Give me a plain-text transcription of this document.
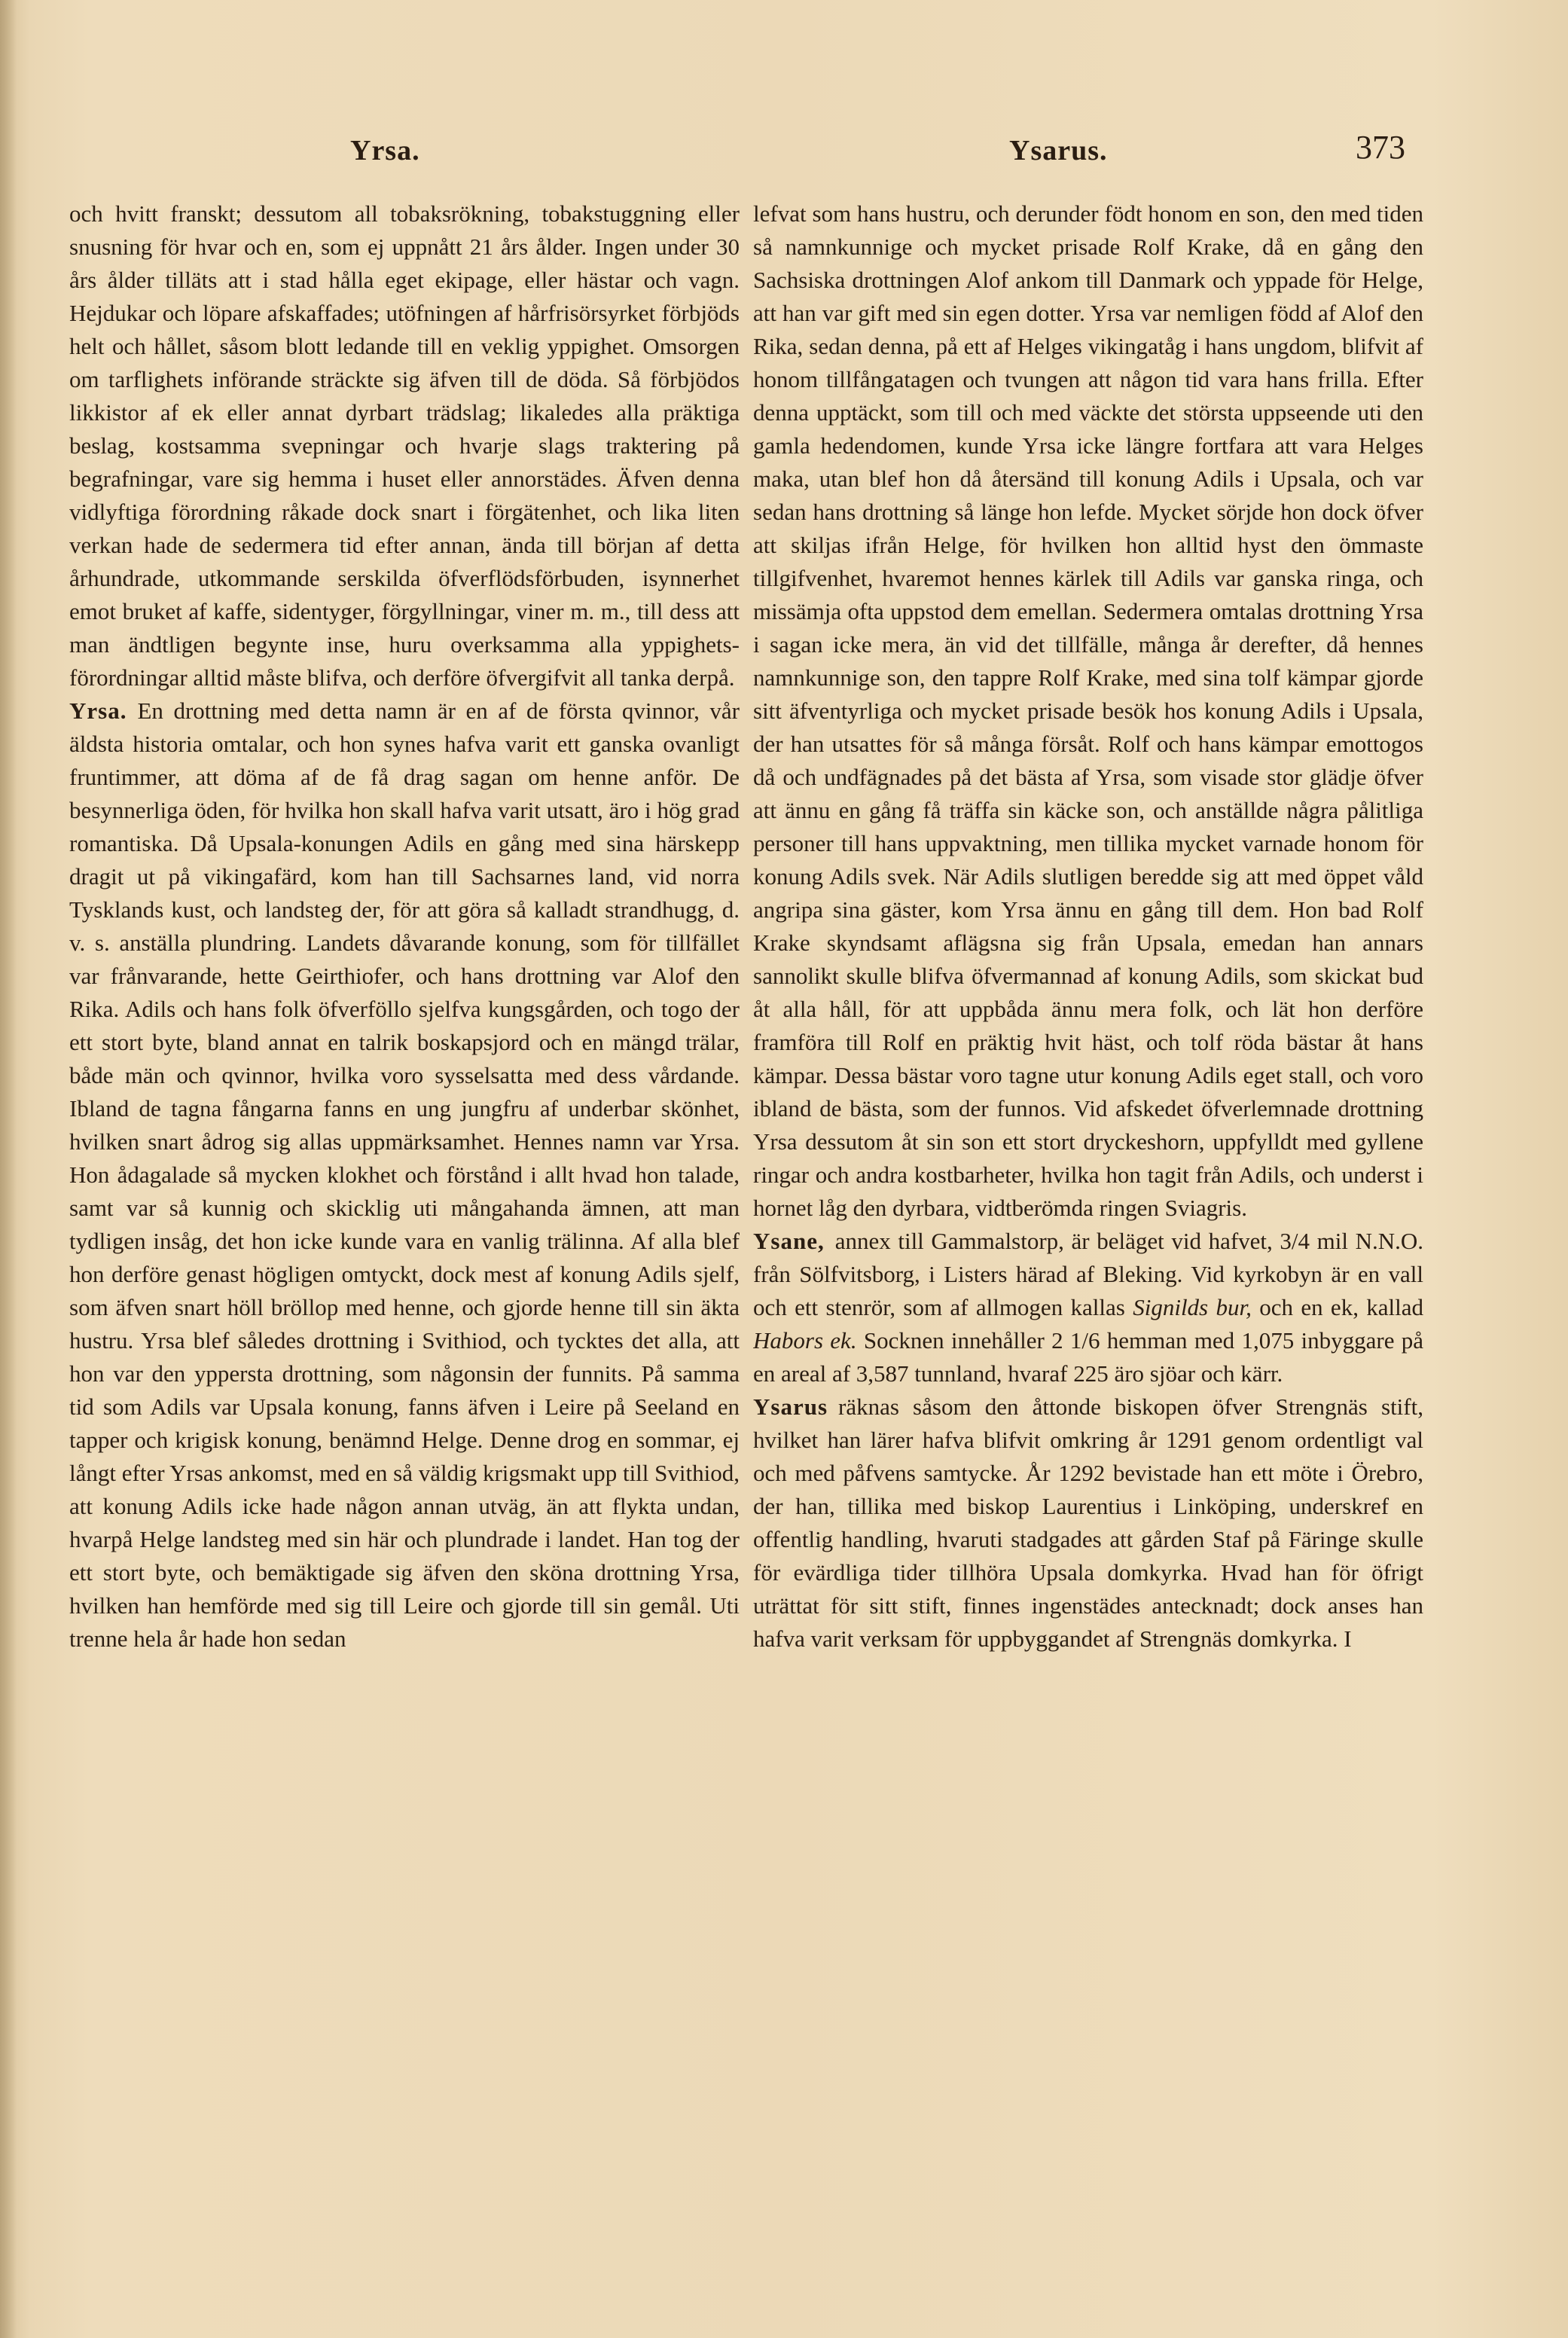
Yrsa.	Ysarus.	373

och hvitt franskt; dessutom all tobaksrökning, tobakstuggning eller snusning för hvar och en, som ej uppnått 21 års ålder. Ingen under 30 års ålder tilläts att i stad hålla eget ekipage, eller hästar och vagn. Hejdukar och löpare afskaffades; utöfningen af hårfrisörsyrket förbjöds helt och hållet, såsom blott ledande till en veklig yppighet. Omsorgen om tarflighets införande sträckte sig äfven till de döda. Så förbjödos likkistor af ek eller annat dyrbart trädslag; likaledes alla präktiga beslag, kostsamma svepningar och hvarje slags traktering på begrafningar, vare sig hemma i huset eller annorstädes. Äfven denna vidlyftiga förordning råkade dock snart i förgätenhet, och lika liten verkan hade de sedermera tid efter annan, ända till början af detta århundrade, utkommande serskilda öfverflödsförbuden, isynnerhet emot bruket af kaffe, sidentyger, förgyllningar, viner m. m., till dess att man ändtligen begynte inse, huru overksamma alla yppighets-förordningar alltid måste blifva, och derföre öfvergifvit all tanka derpå.

Yrsa. En drottning med detta namn är en af de första qvinnor, vår äldsta historia omtalar, och hon synes hafva varit ett ganska ovanligt fruntimmer, att döma af de få drag sagan om henne anför. De besynnerliga öden, för hvilka hon skall hafva varit utsatt, äro i hög grad romantiska. Då Upsala-konungen Adils en gång med sina härskepp dragit ut på vikingafärd, kom han till Sachsarnes land, vid norra Tysklands kust, och landsteg der, för att göra så kalladt strandhugg, d. v. s. anställa plundring. Landets dåvarande konung, som för tillfället var frånvarande, hette Geirthiofer, och hans drottning var Alof den Rika. Adils och hans folk öfverföllo sjelfva kungsgården, och togo der ett stort byte, bland annat en talrik boskapsjord och en mängd trälar, både män och qvinnor, hvilka voro sysselsatta med dess vårdande. Ibland de tagna fångarna fanns en ung jungfru af underbar skönhet, hvilken snart ådrog sig allas uppmärksamhet. Hennes namn var Yrsa. Hon ådagalade så mycken klokhet och förstånd i allt hvad hon talade, samt var så kunnig och skicklig uti mångahanda ämnen, att man tydligen insåg, det hon icke kunde vara en vanlig trälinna. Af alla blef hon derföre genast högligen omtyckt, dock mest af konung Adils sjelf, som äfven snart höll bröllop med henne, och gjorde henne till sin äkta hustru. Yrsa blef således drottning i Svithiod, och tycktes det alla, att hon var den yppersta drottning, som någonsin der funnits. På samma tid som Adils var Upsala konung, fanns äfven i Leire på Seeland en tapper och krigisk konung, benämnd Helge. Denne drog en sommar, ej långt efter Yrsas ankomst, med en så väldig krigsmakt upp till Svithiod, att konung Adils icke hade någon annan utväg, än att flykta undan, hvarpå Helge landsteg med sin här och plundrade i landet. Han tog der ett stort byte, och bemäktigade sig äfven den sköna drottning Yrsa, hvilken han hemförde med sig till Leire och gjorde till sin gemål. Uti trenne hela år hade hon sedan

lefvat som hans hustru, och derunder födt honom en son, den med tiden så namnkunnige och mycket prisade Rolf Krake, då en gång den Sachsiska drottningen Alof ankom till Danmark och yppade för Helge, att han var gift med sin egen dotter. Yrsa var nemligen född af Alof den Rika, sedan denna, på ett af Helges vikingatåg i hans ungdom, blifvit af honom tillfångatagen och tvungen att någon tid vara hans frilla. Efter denna upptäckt, som till och med väckte det största uppseende uti den gamla hedendomen, kunde Yrsa icke längre fortfara att vara Helges maka, utan blef hon då återsänd till konung Adils i Upsala, och var sedan hans drottning så länge hon lefde. Mycket sörjde hon dock öfver att skiljas ifrån Helge, för hvilken hon alltid hyst den ömmaste tillgifvenhet, hvaremot hennes kärlek till Adils var ganska ringa, och missämja ofta uppstod dem emellan. Sedermera omtalas drottning Yrsa i sagan icke mera, än vid det tillfälle, många år derefter, då hennes namnkunnige son, den tappre Rolf Krake, med sina tolf kämpar gjorde sitt äfventyrliga och mycket prisade besök hos konung Adils i Upsala, der han utsattes för så många försåt. Rolf och hans kämpar emottogos då och undfägnades på det bästa af Yrsa, som visade stor glädje öfver att ännu en gång få träffa sin käcke son, och anställde några pålitliga personer till hans uppvaktning, men tillika mycket varnade honom för konung Adils svek. När Adils slutligen beredde sig att med öppet våld angripa sina gäster, kom Yrsa ännu en gång till dem. Hon bad Rolf Krake skyndsamt aflägsna sig från Upsala, emedan han annars sannolikt skulle blifva öfvermannad af konung Adils, som skickat bud åt alla håll, för att uppbåda ännu mera folk, och lät hon derföre framföra till Rolf en präktig hvit häst, och tolf röda bästar åt hans kämpar. Dessa bästar voro tagne utur konung Adils eget stall, och voro ibland de bästa, som der funnos. Vid afskedet öfverlemnade drottning Yrsa dessutom åt sin son ett stort dryckeshorn, uppfylldt med gyllene ringar och andra kostbarheter, hvilka hon tagit från Adils, och underst i hornet låg den dyrbara, vidtberömda ringen Sviagris.

Ysane, annex till Gammalstorp, är beläget vid hafvet, 3/4 mil N.N.O. från Sölfvitsborg, i Listers härad af Bleking. Vid kyrkobyn är en vall och ett stenrör, som af allmogen kallas Signilds bur, och en ek, kallad Habors ek. Socknen innehåller 2 1/6 hemman med 1,075 inbyggare på en areal af 3,587 tunnland, hvaraf 225 äro sjöar och kärr.

Ysarus räknas såsom den åttonde biskopen öfver Strengnäs stift, hvilket han lärer hafva blifvit omkring år 1291 genom ordentligt val och med påfvens samtycke. År 1292 bevistade han ett möte i Örebro, der han, tillika med biskop Laurentius i Linköping, underskref en offentlig handling, hvaruti stadgades att gården Staf på Färinge skulle för evärdliga tider tillhöra Upsala domkyrka. Hvad han för öfrigt uträttat för sitt stift, finnes ingenstädes antecknadt; dock anses han hafva varit verksam för uppbyggandet af Strengnäs domkyrka. I
